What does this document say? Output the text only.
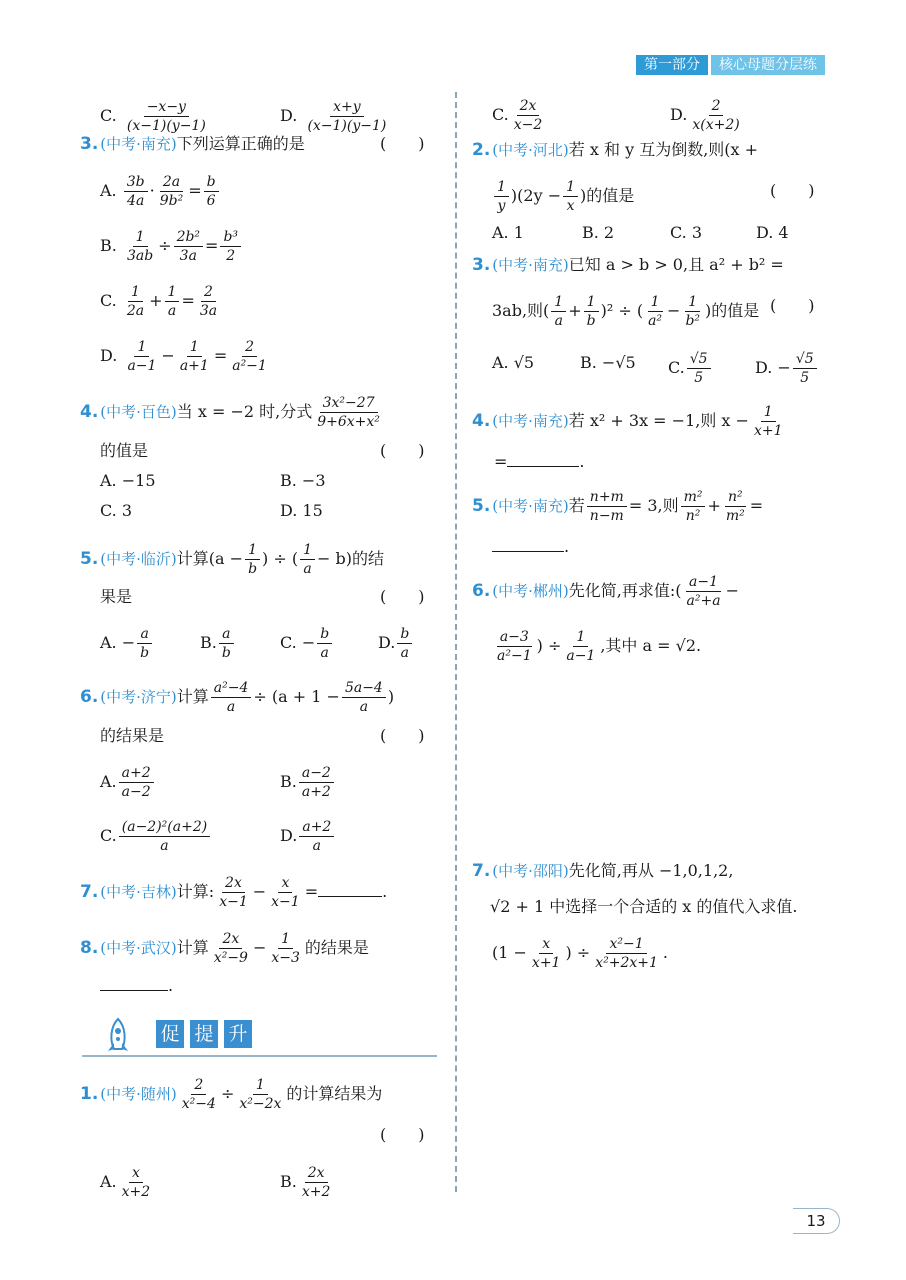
第一部分	核心母题分层练
C. $\frac{-x-y}{(x-1)(y-1)}$	D. $\frac{x+y}{(x-1)(y-1)}$
3. (中考·南充)下列运算正确的是	(　　)
A. $\frac{3b}{4a} \cdot \frac{2a}{\text{9b²}} = \frac{b}{6}$
B. $\frac{1}{3ab} \div \frac{\text{2b²}}{3a} = \frac{\text{b³}}{2}$
C. $\frac{1}{2a} + \frac{1}{a} = \frac{2}{3a}$
D. $\frac{1}{a-1} - \frac{1}{a+1} = \frac{2}{\text{a²−1}}$
4. (中考·百色)当 x = −2 时,分式 $\frac{\text{3x²−27}}{\text{9+6x+x²}}$
的值是	(　　)
A. −15	B. −3
C. 3	D. 15
5. (中考·临沂)计算($a - \frac{1}{b}$ ) ÷ ( $\frac{1}{a} - b$)的结
果是	(　　)
A. − $\frac{a}{b}$	B. $\frac{a}{b}$	C. − $\frac{b}{a}$	D. $\frac{b}{a}$
6. (中考·济宁)计算 $\frac{\text{a²−4}}{a} \div (a + 1 - \frac{5a-4}{a}$ )
的结果是	(　　)
A. $\frac{a+2}{a-2}$	B. $\frac{a-2}{a+2}$
C. $\frac{\text{(a−2)²(a+2)}}{a}$	D. $\frac{a+2}{a}$
7. (中考·吉林)计算: $\frac{2x}{x-1} - \frac{x}{x-1}$ =	.
8. (中考·武汉)计算 $\frac{2x}{\text{x²−9}} - \frac{1}{x-3}$ 的结果是
.
促 提 升
1. (中考·随州) $\frac{2}{\text{x²−4}} \div \frac{1}{\text{x²−2x}}$ 的计算结果为
(　　)
A. $\frac{x}{x+2}$	B. $\frac{2x}{x+2}$
C. $\frac{2x}{x-2}$	D. $\frac{2}{x(x+2)}$
2. (中考·河北)若 x 和 y 互为倒数,则(x +
$\frac{1}{y} )(2y - \frac{1}{x}$ )的值是	(　　)
A. 1	B. 2	C. 3	D. 4
3. (中考·南充)已知 a > b > 0,且 a² + b² =
3ab,则( $\frac{1}{a} + \frac{1}{b} )^2$ ÷ ( $\frac{1}{\text{a²}} - \frac{1}{\text{b²}}$ )的值是 (　　)
A. √5	B. −√5 C. $\frac{√5}{5}$	D. − $\frac{√5}{5}$
4. (中考·南充)若 x² + 3x = −1,则 $x - \frac{1}{x+1}$
=	.
5. (中考·南充)若 $\frac{n+m}{n-m} = 3$,则 $\frac{\text{m²}}{\text{n²}} + \frac{\text{n²}}{\text{m²}}$ =
.
6. (中考·郴州)先化简,再求值:( $\frac{a-1}{\text{a²+a}}$ −
$\frac{a-3}{\text{a²−1}}$ ) ÷ $\frac{1}{a-1}$ ,其中 a = √2.
7. (中考·邵阳)先化简,再从 −1,0,1,2,
√2 + 1 中选择一个合适的 x 的值代入求值.
($1 - \frac{x}{x+1}$ ) ÷ $\frac{\text{x²−1}}{\text{x²+2x+1}}$ .
13
